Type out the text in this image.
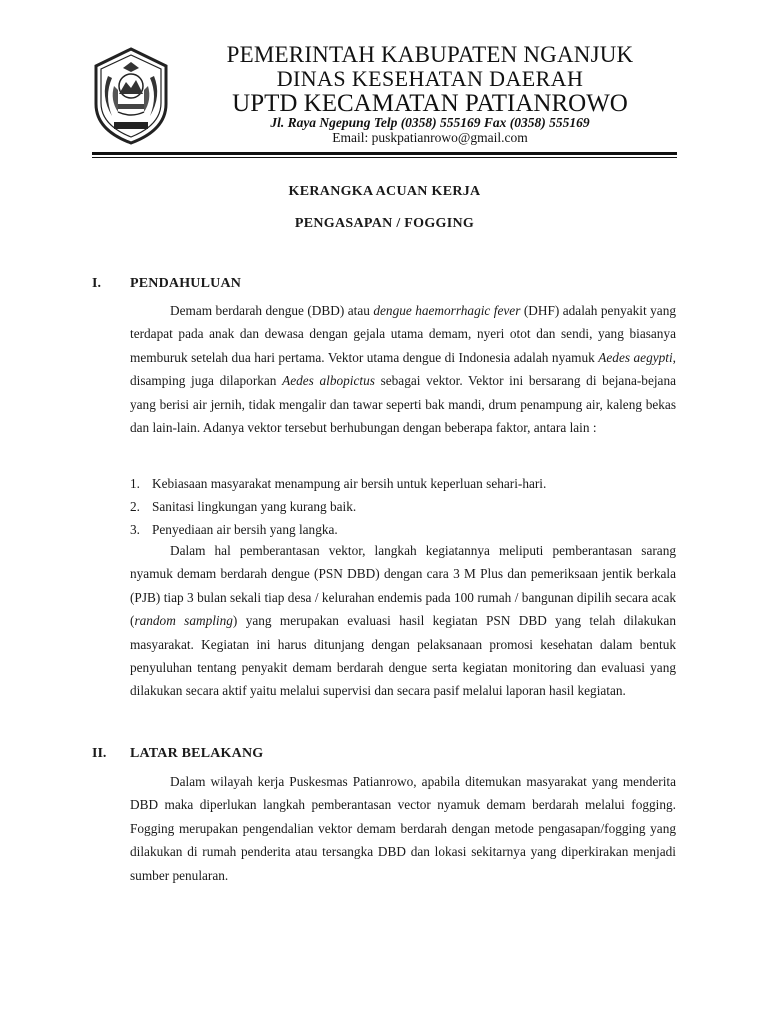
PEMERINTAH KABUPATEN NGANJUK
DINAS KESEHATAN DAERAH
UPTD KECAMATAN PATIANROWO
Jl. Raya Ngepung Telp (0358) 555169 Fax (0358) 555169
Email: puskpatianrowo@gmail.com
KERANGKA ACUAN KERJA
PENGASAPAN / FOGGING
I. PENDAHULUAN

Demam berdarah dengue (DBD) atau dengue haemorrhagic fever (DHF) adalah penyakit yang terdapat pada anak dan dewasa dengan gejala utama demam, nyeri otot dan sendi, yang biasanya memburuk setelah dua hari pertama. Vektor utama dengue di Indonesia adalah nyamuk Aedes aegypti, disamping juga dilaporkan Aedes albopictus sebagai vektor. Vektor ini bersarang di bejana-bejana yang berisi air jernih, tidak mengalir dan tawar seperti bak mandi, drum penampung air, kaleng bekas dan lain-lain. Adanya vektor tersebut berhubungan dengan beberapa faktor, antara lain :

1. Kebiasaan masyarakat menampung air bersih untuk keperluan sehari-hari.
2. Sanitasi lingkungan yang kurang baik.
3. Penyediaan air bersih yang langka.

Dalam hal pemberantasan vektor, langkah kegiatannya meliputi pemberantasan sarang nyamuk demam berdarah dengue (PSN DBD) dengan cara 3 M Plus dan pemeriksaan jentik berkala (PJB) tiap 3 bulan sekali tiap desa / kelurahan endemis pada 100 rumah / bangunan dipilih secara acak (random sampling) yang merupakan evaluasi hasil kegiatan PSN DBD yang telah dilakukan masyarakat. Kegiatan ini harus ditunjang dengan pelaksanaan promosi kesehatan dalam bentuk penyuluhan tentang penyakit demam berdarah dengue serta kegiatan monitoring dan evaluasi yang dilakukan secara aktif yaitu melalui supervisi dan secara pasif melalui laporan hasil kegiatan.

II. LATAR BELAKANG

Dalam wilayah kerja Puskesmas Patianrowo, apabila ditemukan masyarakat yang menderita DBD maka diperlukan langkah pemberantasan vector nyamuk demam berdarah melalui fogging. Fogging merupakan pengendalian vektor demam berdarah dengan metode pengasapan/fogging yang dilakukan di rumah penderita atau tersangka DBD dan lokasi sekitarnya yang diperkirakan menjadi sumber penularan.
